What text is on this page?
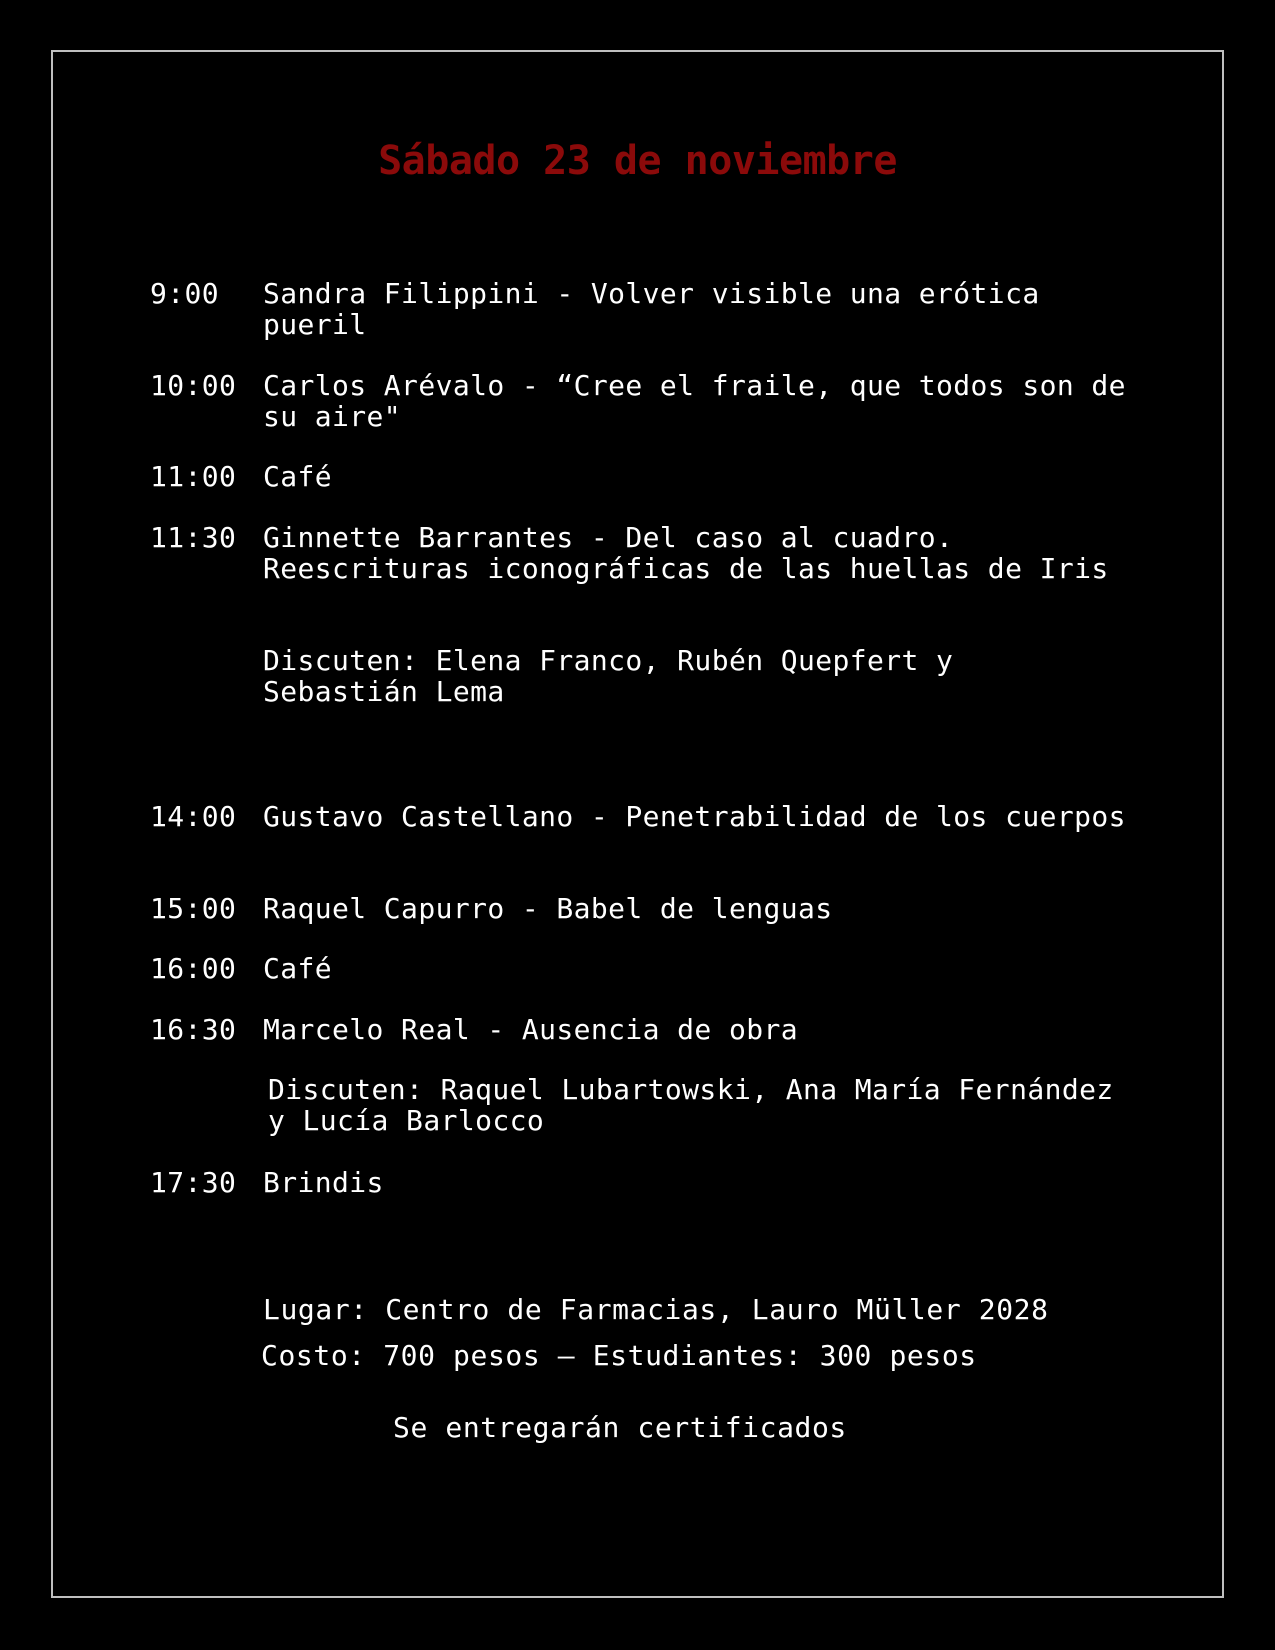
Sábado 23 de noviembre
9:00	Sandra Filippini - Volver visible una erótica pueril
10:00 Carlos Arévalo - “Cree el fraile, que todos son de su aire"
11:00 Café
11:30 Ginnette Barrantes - Del caso al cuadro. Reescrituras iconográficas de las huellas de Iris
Discuten: Elena Franco, Rubén Quepfert y Sebastián Lema
14:00 Gustavo Castellano - Penetrabilidad de los cuerpos
15:00 Raquel Capurro - Babel de lenguas
16:00 Café
16:30 Marcelo Real - Ausencia de obra
Discuten: Raquel Lubartowski, Ana María Fernández y Lucía Barlocco
17:30 Brindis
Lugar: Centro de Farmacias, Lauro Müller 2028
Costo: 700 pesos – Estudiantes: 300 pesos
Se entregarán certificados
